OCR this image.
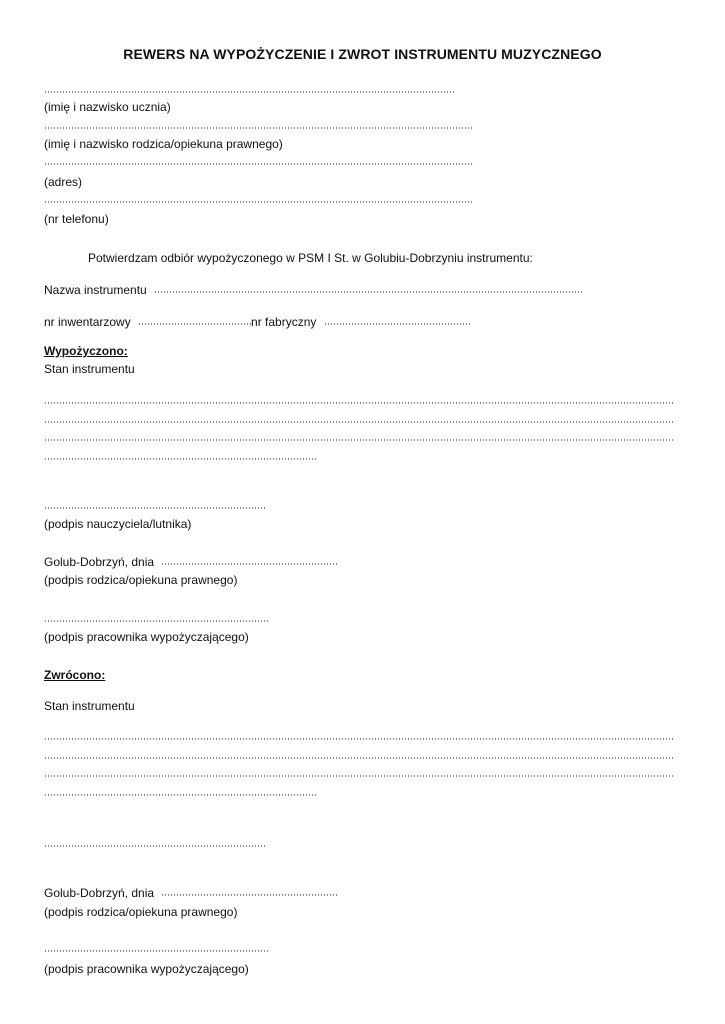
REWERS NA WYPOŻYCZENIE I ZWROT INSTRUMENTU MUZYCZNEGO
(imię i nazwisko ucznia)
(imię i nazwisko rodzica/opiekuna prawnego)
(adres)
(nr telefonu)
Potwierdzam odbiór wypożyczonego w PSM I St. w Golubiu-Dobrzyniu instrumentu:
Nazwa instrumentu
nr inwentarzowy	nr fabryczny
Wypożyczono:
Stan instrumentu
(podpis nauczyciela/lutnika)
Golub-Dobrzyń, dnia
(podpis rodzica/opiekuna prawnego)
(podpis pracownika wypożyczającego)
Zwrócono:
Stan instrumentu
Golub-Dobrzyń, dnia
(podpis rodzica/opiekuna prawnego)
(podpis pracownika wypożyczającego)
